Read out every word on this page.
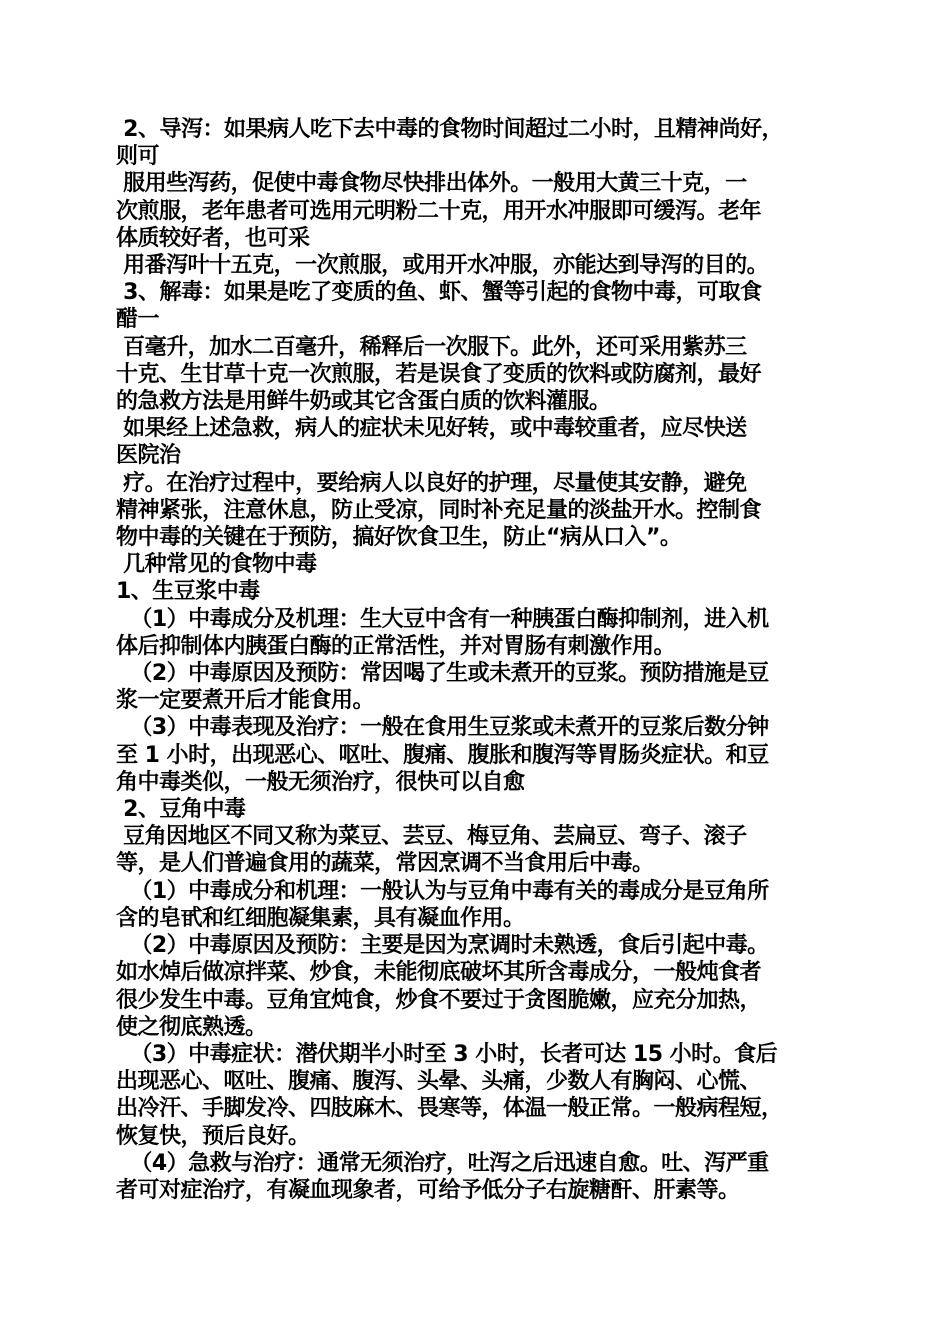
2、导泻：如果病人吃下去中毒的食物时间超过二小时，且精神尚好，
则可
服用些泻药，促使中毒食物尽快排出体外。一般用大黄三十克，一
次煎服，老年患者可选用元明粉二十克，用开水冲服即可缓泻。老年
体质较好者，也可采
用番泻叶十五克，一次煎服，或用开水冲服，亦能达到导泻的目的。
3、解毒：如果是吃了变质的鱼、虾、蟹等引起的食物中毒，可取食
醋一
百毫升，加水二百毫升，稀释后一次服下。此外，还可采用紫苏三
十克、生甘草十克一次煎服，若是误食了变质的饮料或防腐剂，最好
的急救方法是用鲜牛奶或其它含蛋白质的饮料灌服。
如果经上述急救，病人的症状未见好转，或中毒较重者，应尽快送
医院治
疗。在治疗过程中，要给病人以良好的护理，尽量使其安静，避免
精神紧张，注意休息，防止受凉，同时补充足量的淡盐开水。控制食
物中毒的关键在于预防，搞好饮食卫生，防止“病从口入”。
几种常见的食物中毒
1、生豆浆中毒
（1）中毒成分及机理：生大豆中含有一种胰蛋白酶抑制剂，进入机
体后抑制体内胰蛋白酶的正常活性，并对胃肠有刺激作用。
（2）中毒原因及预防：常因喝了生或未煮开的豆浆。预防措施是豆
浆一定要煮开后才能食用。
（3）中毒表现及治疗：一般在食用生豆浆或未煮开的豆浆后数分钟
至 1 小时，出现恶心、呕吐、腹痛、腹胀和腹泻等胃肠炎症状。和豆
角中毒类似，一般无须治疗，很快可以自愈
2、豆角中毒
豆角因地区不同又称为菜豆、芸豆、梅豆角、芸扁豆、弯子、滚子
等，是人们普遍食用的蔬菜，常因烹调不当食用后中毒。
（1）中毒成分和机理：一般认为与豆角中毒有关的毒成分是豆角所
含的皂甙和红细胞凝集素，具有凝血作用。
（2）中毒原因及预防：主要是因为烹调时未熟透，食后引起中毒。
如水焯后做凉拌菜、炒食，未能彻底破坏其所含毒成分，一般炖食者
很少发生中毒。豆角宜炖食，炒食不要过于贪图脆嫩，应充分加热，
使之彻底熟透。
（3）中毒症状：潜伏期半小时至 3 小时，长者可达 15 小时。食后
出现恶心、呕吐、腹痛、腹泻、头晕、头痛，少数人有胸闷、心慌、
出冷汗、手脚发冷、四肢麻木、畏寒等，体温一般正常。一般病程短，
恢复快，预后良好。
（4）急救与治疗：通常无须治疗，吐泻之后迅速自愈。吐、泻严重
者可对症治疗，有凝血现象者，可给予低分子右旋糖酐、肝素等。
